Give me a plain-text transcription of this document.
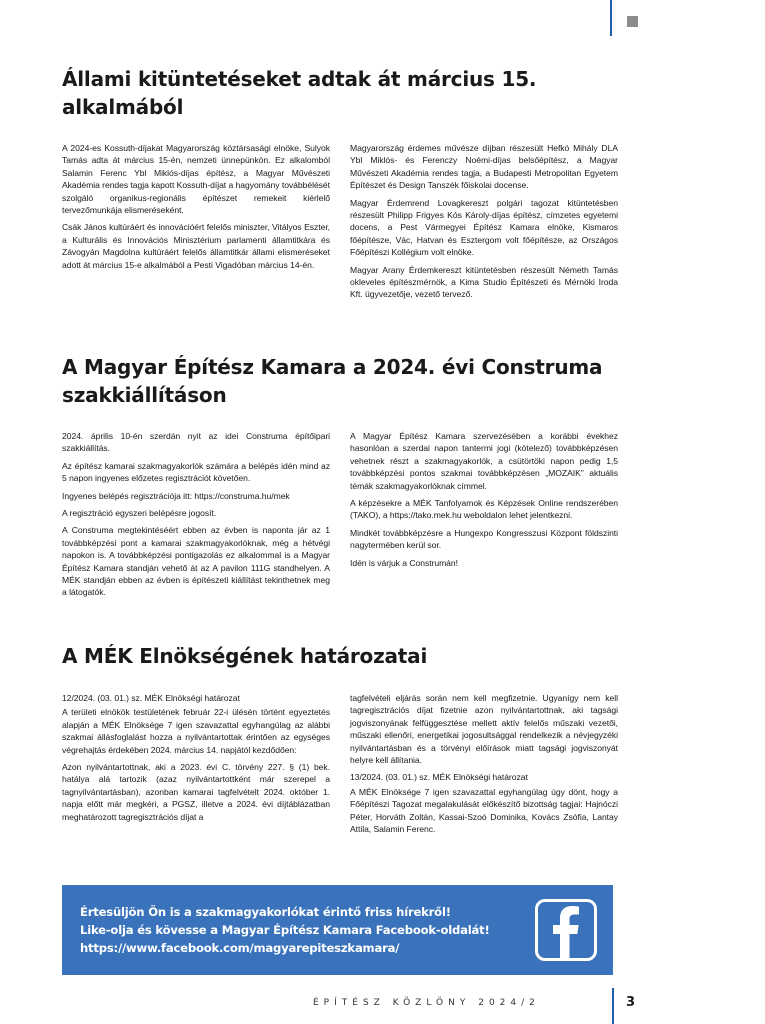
Állami kitüntetéseket adtak át március 15. alkalmából

A 2024-es Kossuth-díjakat Magyarország köztársasági elnöke, Sulyok Tamás adta át március 15-én, nemzeti ünnepünkön. Ez alkalomból Salamin Ferenc Ybl Miklós-díjas építész, a Magyar Művészeti Akadémia rendes tagja kapott Kossuth-díjat a hagyomány továbbélését szolgáló organikus-regionális építészet remekeit kiérlelő tervezőmunkája elismeréseként.

Csák János kultúráért és innovációért felelős miniszter, Vitályos Eszter, a Kulturális és Innovációs Minisztérium parlamenti államtitkára és Závogyán Magdolna kultúráért felelős államtitkár állami elismeréseket adott át március 15-e alkalmából a Pesti Vigadóban március 14-én.

Magyarország érdemes művésze díjban részesült Hefkó Mihály DLA Ybl Miklós- és Ferenczy Noémi-díjas belsőépítész, a Magyar Művészeti Akadémia rendes tagja, a Budapesti Metropolitan Egyetem Építészet és Design Tanszék főiskolai docense.

Magyar Érdemrend Lovagkereszt polgári tagozat kitüntetésben részesült Philipp Frigyes Kós Károly-díjas építész, címzetes egyetemi docens, a Pest Vármegyei Építész Kamara elnöke, Kismaros főépítésze, Vác, Hatvan és Esztergom volt főépítésze, az Országos Főépítészi Kollégium volt elnöke.

Magyar Arany Érdemkereszt kitüntetésben részesült Németh Tamás okleveles építészmérnök, a Kima Studio Építészeti és Mérnöki Iroda Kft. ügyvezetője, vezető tervező.

A Magyar Építész Kamara a 2024. évi Construma szakkiállításon

2024. április 10-én szerdán nyit az idei Construma építőipari szakkiállítás.

Az építész kamarai szakmagyakorlók számára a belépés idén mind az 5 napon ingyenes előzetes regisztrációt követően.

Ingyenes belépés regisztrációja itt: https://construma.hu/mek

A regisztráció egyszeri belépésre jogosít.

A Construma megtekintéséért ebben az évben is naponta jár az 1 továbbképzési pont a kamarai szakmagyakorlóknak, még a hétvégi napokon is. A továbbképzési pontigazolás ez alkalommal is a Magyar Építész Kamara standján vehető át az A pavilon 111G standhelyen. A MÉK standján ebben az évben is építészeti kiállítást tekinthetnek meg a látogatók.

A Magyar Építész Kamara szervezésében a korábbi évekhez hasonlóan a szerdai napon tantermi jogi (kötelező) továbbképzésen vehetnek részt a szakmagyakorlók, a csütörtöki napon pedig 1,5 továbbképzési pontos szakmai továbbképzésen „MOZAIK” aktuális témák szakmagyakorlóknak címmel.

A képzésekre a MÉK Tanfolyamok és Képzések Online rendszerében (TAKO), a https://tako.mek.hu weboldalon lehet jelentkezni.

Mindkét továbbképzésre a Hungexpo Kongresszusi Központ földszinti nagytermében kerül sor.

Idén is várjuk a Construmán!

A MÉK Elnökségének határozatai

12/2024. (03. 01.) sz. MÉK Elnökségi határozat

A területi elnökök testületének február 22-i ülésén történt egyeztetés alapján a MÉK Elnöksége 7 igen szavazattal egyhangúlag az alábbi szakmai állásfoglalást hozza a nyilvántartottak érintően az egységes végrehajtás érdekében 2024. március 14. napjától kezdődően:

Azon nyilvántartottnak, aki a 2023. évi C. törvény 227. § (1) bek. hatálya alá tartozik (azaz nyilvántartottként már szerepel a tagnyilvántartásban), azonban kamarai tagfelvételt 2024. október 1. napja előtt már megkéri, a PGSZ, illetve a 2024. évi díjtáblázatban meghatározott tagregisztrációs díjat a

tagfelvételi eljárás során nem kell megfizetnie. Ugyanígy nem kell tagregisztrációs díjat fizetnie azon nyilvántartottnak, aki tagsági jogviszonyának felfüggesztése mellett aktív felelős műszaki vezetői, műszaki ellenőri, energetikai jogosultsággal rendelkezik a névjegyzéki nyilvántartásban és a törvényi előírások miatt tagsági jogviszonyát helyre kell állítania.

13/2024. (03. 01.) sz. MÉK Elnökségi határozat

A MÉK Elnöksége 7 igen szavazattal egyhangúlag úgy dönt, hogy a Főépítészi Tagozat megalakulását előkészítő bizottság tagjai: Hajnóczi Péter, Horváth Zoltán, Kassai-Szoó Dominika, Kovács Zsófia, Lantay Attila, Salamin Ferenc.

Értesüljön Ön is a szakmagyakorlókat érintő friss hírekről!
Like-olja és kövesse a Magyar Építész Kamara Facebook-oldalát!
https://www.facebook.com/magyarepiteszkamara/
ÉPÍTÉSZ KÖZLÖNY 2024/2	3
